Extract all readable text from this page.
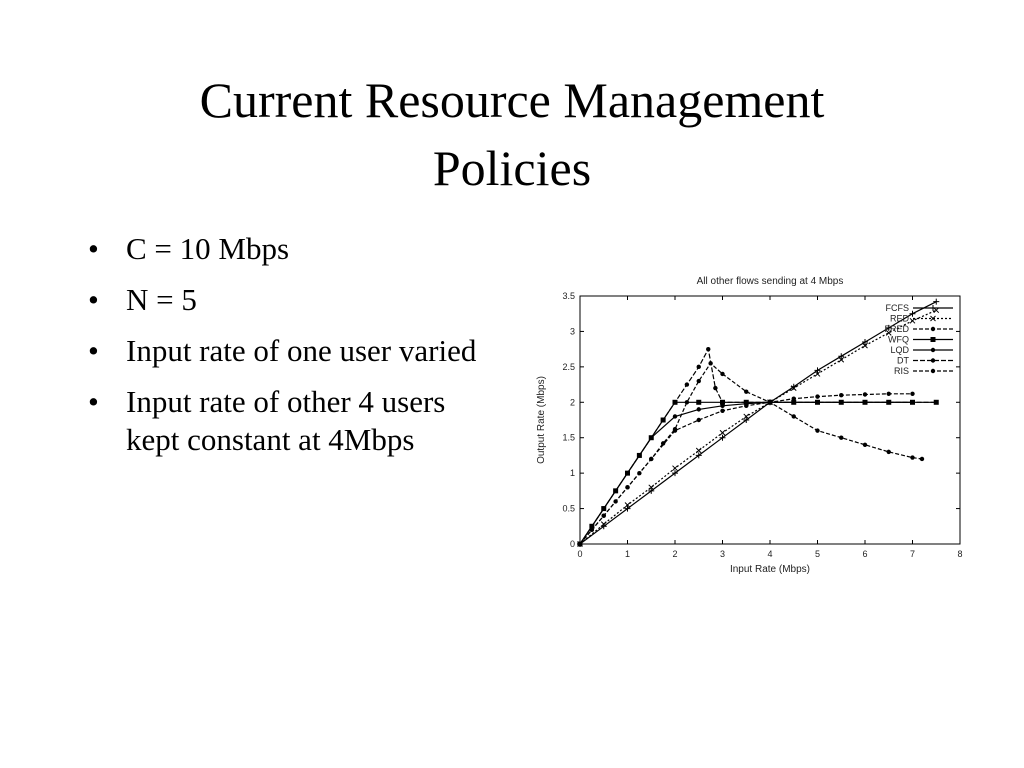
Current Resource Management
Policies
• C = 10 Mbps
• N = 5
• Input rate of one user varied
• Input rate of other 4 users kept constant at 4Mbps
All other flows sending at 4 Mbps
0	1	2	3	4	5	6	7	8
0
0.5
1
1.5
2
2.5
3
3.5
Input Rate (Mbps)
Output Rate (Mbps)
FCFS
RED
FRED
WFQ
LQD
DT
RIS
